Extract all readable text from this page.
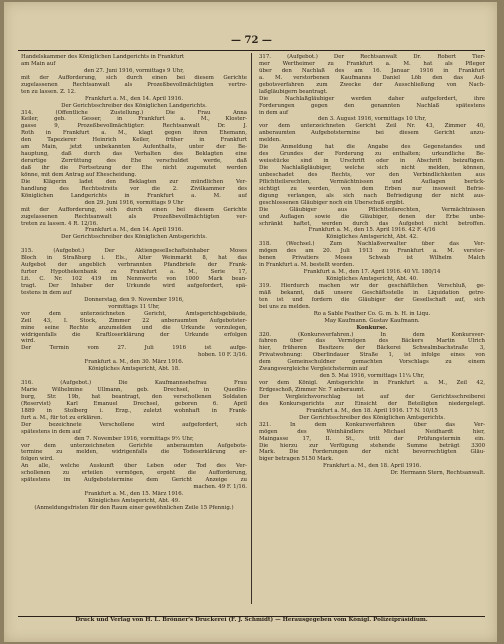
— 72 —
Handelskammer des Königlichen Landgerichts in Frankfurt
am Main auf
den 27. Juni 1916, vormittags 9 Uhr,
mit der Aufforderung, sich durch einen bei diesem Gerichte
zugelassenen Rechtsanwalt als Prozeßbevollmächtigten vertre-
ten zu lassen. Z. 12.
Frankfurt a. M., den 14. April 1916.
Der Gerichtsschreiber des Königlichen Landgerichts.
314. (Öffentliche Zustellung.) Die Frau Anna
Keiler, geb. Gesser, in Frankfurt a. M., Kloster-
gasse 9, Prozeßbevollmächtigter: Rechtsanwalt Dr. J.
Roth in Frankfurt a. M., klagt gegen ihren Ehemann,
den Tapezierer Heinrich Keiler, früher in Frankfurt
am Main, jetzt unbekannten Aufenthalts, unter der Be-
hauptung, daß durch das Verhalten des Beklagten eine
derartige Zerrüttung des Ehe verschuldet werde, daß
daß ihr die Fortsetzung der Ehe nicht zugemutet werden
könne, mit dem Antrag auf Ehescheidung.
Die Klägerin ladet den Beklagten zur mündlichen Ver-
handlung des Rechtsstreits vor die 2. Zivilkammer des
Königlichen Landgerichts in Frankfurt a. M. auf
den 29. Juni 1916, vormittags 9 Uhr
mit der Aufforderung, sich durch einen bei diesem Gerichte
zugelassenen Rechtsanwalt als Prozeßbevollmächtigten ver-
treten zu lassen. 4 R. 12/16.
Frankfurt a. M., den 14. April 1916.
Der Gerichtsschreiber des Königlichen Amtsgerichts.
315. (Aufgebot.) Der Aktiengesellschaftsinhaber Moses
Bloch in Straßburg i. Els., Alter Weinmarkt 8, hat das
Aufgebot der angeblich verbrannten Pfandbriefe der Frank-
furter Hypothekenbank zu Frankfurt a. M., Serie 17,
Lit. C. Nr. 102 419 im Nennwerte von 1000 Mark bean-
tragt. Der Inhaber der Urkunde wird aufgefordert, spä-
testens in dem auf
Donnerstag, den 9. November 1916,
vormittags 11 Uhr,
vor dem unterzeichneten Gericht, Amtsgerichtsgebäude,
Zeil 43, I. Stock, Zimmer 22 anberaumten Aufgebotster-
mine seine Rechte anzumelden und die Urkunde vorzulegen,
widrigenfalls die Kraftloserklärung der Urkunde erfolgen
wird.
Der Termin vom 27. Juli 1916 ist aufge-
hoben. 10 F. 3/16.
Frankfurt a. M., den 30. März 1916.
Königliches Amtsgericht, Abt. 18.
316. (Aufgebot.) Die Kaufmannsehefrau Frau
Marie Wilhelmine Ullmann, geb. Drechsel, in Quedlin-
burg, Str. 19b, hat beantragt, den verschollenen Soldaten
(Reservist) Karl Emanuel Drechsel, geboren 6. April
1889 in Stolberg i. Erzg., zuletzt wohnhaft in Frank-
furt a. M., für tot zu erklären.
Der bezeichnete Verschollene wird aufgefordert, sich
spätestens in dem auf
den 7. November 1916, vormittags 9½ Uhr,
vor dem unterzeichneten Gerichte anberaumten Aufgebots-
termine zu melden, widrigenfalls die Todeserklärung er-
folgen wird.
An alle, welche Auskunft über Leben oder Tod des Ver-
schollenen zu erteilen vermögen, ergeht die Aufforderung,
spätestens im Aufgebotstermine dem Gericht Anzeige zu
machen. 49 F. 1/16.
Frankfurt a. M., den 15. März 1916.
Königliches Amtsgericht, Abt. 49.
(Anmeldungsfristen für den Raum einer gewöhnlichen Zeile 15 Pfennig.)
317. (Aufgebot.) Der Rechtsanwalt Dr. Robert Tier-
mer Wertheimer zu Frankfurt a. M. hat als Pfleger
über den Nachlaß des am 16. Januar 1916 in Frankfurt
a. M. verstorbenen Kaufmanns Daniel Löb den das Auf-
gebotsverfahren zum Zwecke der Ausschließung von Nach-
laßgläubigern beantragt.
Die Nachlaßgläubiger werden daher aufgefordert, ihre
Forderungen gegen den genannten Nachlaß spätestens
in dem auf
den 3. August 1916, vormittags 10 Uhr,
vor dem unterzeichneten Gericht Zeil Nr. 43, Zimmer 40,
anberaumten Aufgebotstermine bei diesem Gericht anzu-
melden.
Die Anmeldung hat die Angabe des Gegenstandes und
des Grundes der Forderung zu enthalten; urkundliche Be-
weisstücke sind in Urschrift oder in Abschrift beizufügen.
Die Nachlaßgläubiger, welche sich nicht melden, können,
unbeschadet des Rechts, vor den Verbindlichkeiten aus
Pflichtteilsrechten, Vermächtnissen und Auflagen berück-
sichtigt zu werden, von dem Erben nur insoweit Befrie-
digung verlangen, als sich nach Befriedigung der nicht aus-
geschlossenen Gläubiger noch ein Überschuß ergibt.
Die Gläubiger aus Pflichtteilsrechten, Vermächtnissen
und Auflagen sowie die Gläubiger, denen der Erbe unbe-
schränkt haftet, werden durch das Aufgebot nicht betroffen.
Frankfurt a. M., den 15. April 1916. 42 F. 4/16
Königliches Amtsgericht, Abt. 42.
318. (Wechsel.) Zum Nachlaßverwalter über das Ver-
mögen des am 20. Juli 1913 zu Frankfurt a. M. verstor-
benen Privatiers Moses Schwab ist Wilhelm Malch
in Frankfurt a. M. bestellt worden.
Frankfurt a. M., den 17. April 1916. 40 VI. 180/14
Königliches Amtsgericht, Abt. 40.
319. Hierdurch machen wir der geschäftlichen Verschluß, ge-
mäß bekannt, daß unsere Geschäftsstelle in Liquidation getre-
ten ist und fordern die Gläubiger der Gesellschaft auf, sich
bei uns zu melden.
Ro a Sable Feather Co. G. m. b. H. in Liqu.
May Kaufmann. Gustav Kaufmann.
Konkurse.
320. (Konkursverfahren.) In dem Konkursver-
fahren über das Vermögen des Bäckers Martin Ulrich
hier, früheren Besitzers der Bäckerei Schwalmbachstraße 3,
Privatwohnung: Oberlindauer Straße 1, ist infolge eines von
dem Gemeinschuldner gemachten Vorschlags zu einem
Zwangsvergleiche Vergleichstermin auf
den 5. Mai 1916, vormittags 11¼ Uhr,
vor dem Königl. Amtsgerichte in Frankfurt a. M., Zeil 42,
Erdgeschoß, Zimmer Nr. 7 anberaumt.
Der Vergleichsvorschlag ist auf der Gerichtsschreiberei
des Konkursgerichts zur Einsicht der Beteiligten niedergelegt.
Frankfurt a. M., den 18. April 1916. 17 N. 10/15
Der Gerichtsschreiber des Königlichen Amtsgerichts.
321. In dem Konkursverfahren über das Ver-
mögen des Weinhändlers Michael Neidhardt hier,
Maingasse 17, II. St., tritt der Prüfungstermin ein.
Die hierzu zur Verfügung stehende Summe beträgt 3300
Mark. Die Forderungen der nicht bevorrechtigten Gläu-
biger betragen 5150 Mark.
Frankfurt a. M., den 18. April 1916.
Dr. Hermann Stern, Rechtsanwalt.
Druck und Verlag von H. L. Brönner's Druckerei (F. J. Schmidt) — Herausgegeben vom Königl. Polizeipräsidium.
